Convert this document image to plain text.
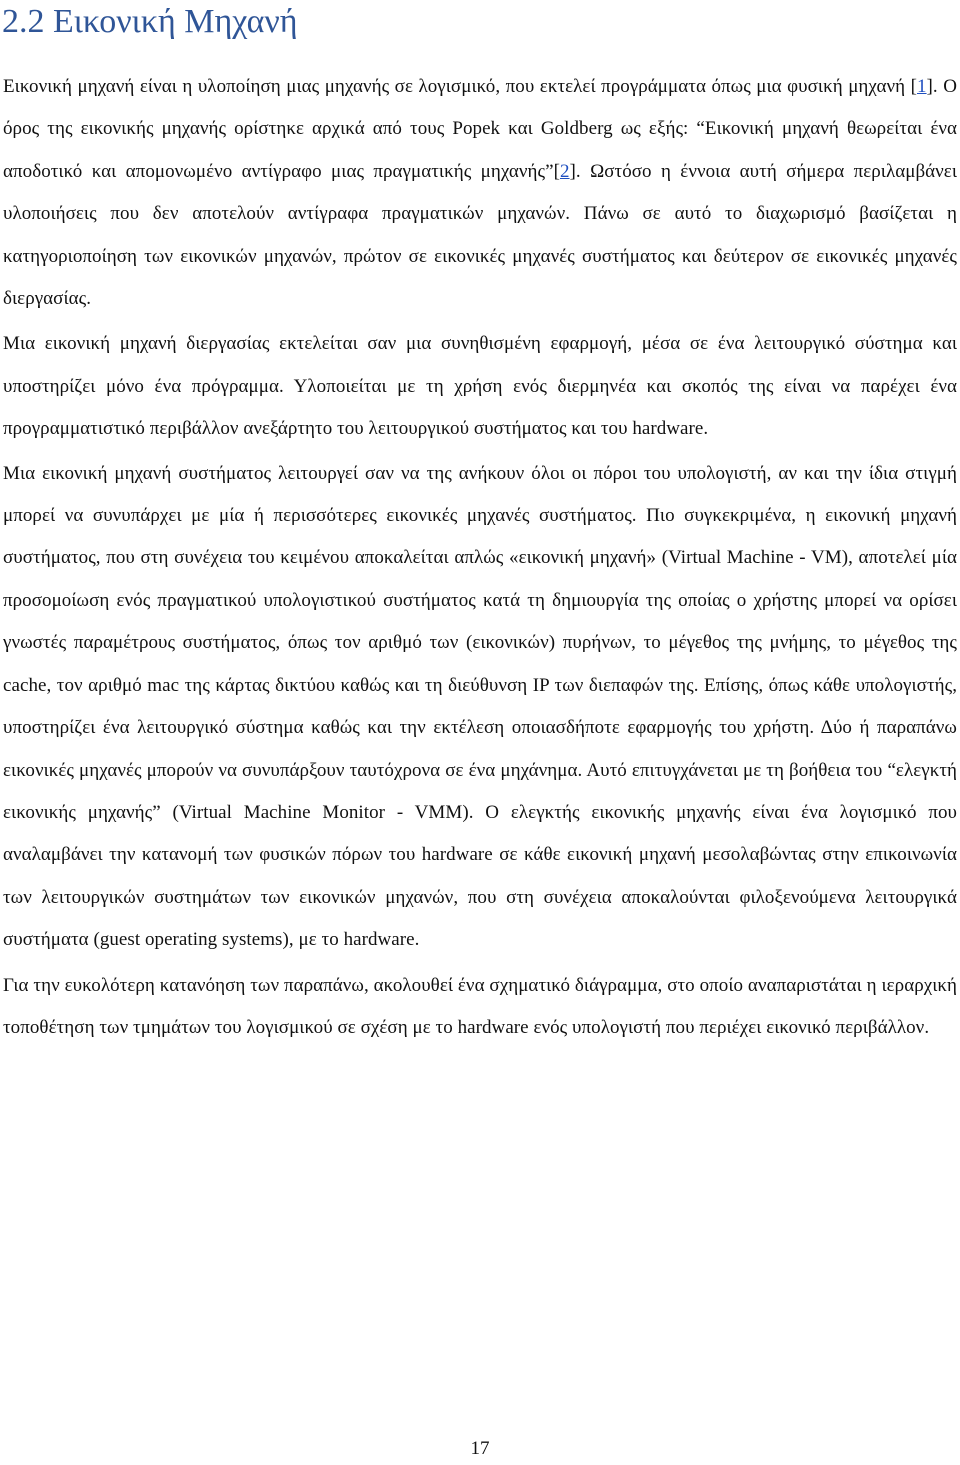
2.2 Εικονική Μηχανή

Εικονική μηχανή είναι η υλοποίηση μιας μηχανής σε λογισμικό, που εκτελεί προγράμματα όπως μια φυσική μηχανή [1]. Ο όρος της εικονικής μηχανής ορίστηκε αρχικά από τους Popek και Goldberg ως εξής: “Εικονική μηχανή θεωρείται ένα αποδοτικό και απομονωμένο αντίγραφο μιας πραγματικής μηχανής”[2]. Ωστόσο η έννοια αυτή σήμερα περιλαμβάνει υλοποιήσεις που δεν αποτελούν αντίγραφα πραγματικών μηχανών. Πάνω σε αυτό το διαχωρισμό βασίζεται η κατηγοριοποίηση των εικονικών μηχανών, πρώτον σε εικονικές μηχανές συστήματος και δεύτερον σε εικονικές μηχανές διεργασίας.

Μια εικονική μηχανή διεργασίας εκτελείται σαν μια συνηθισμένη εφαρμογή, μέσα σε ένα λειτουργικό σύστημα και υποστηρίζει μόνο ένα πρόγραμμα. Υλοποιείται με τη χρήση ενός διερμηνέα και σκοπός της είναι να παρέχει ένα προγραμματιστικό περιβάλλον ανεξάρτητο του λειτουργικού συστήματος και του hardware.

Μια εικονική μηχανή συστήματος λειτουργεί σαν να της ανήκουν όλοι οι πόροι του υπολογιστή, αν και την ίδια στιγμή μπορεί να συνυπάρχει με μία ή περισσότερες εικονικές μηχανές συστήματος. Πιο συγκεκριμένα, η εικονική μηχανή συστήματος, που στη συνέχεια του κειμένου αποκαλείται απλώς «εικονική μηχανή» (Virtual Machine - VM), αποτελεί μία προσομοίωση ενός πραγματικού υπολογιστικού συστήματος κατά τη δημιουργία της οποίας ο χρήστης μπορεί να ορίσει γνωστές παραμέτρους συστήματος, όπως τον αριθμό των (εικονικών) πυρήνων, το μέγεθος της μνήμης, το μέγεθος της cache, τον αριθμό mac της κάρτας δικτύου καθώς και τη διεύθυνση IP των διεπαφών της. Επίσης, όπως κάθε υπολογιστής, υποστηρίζει ένα λειτουργικό σύστημα καθώς και την εκτέλεση οποιασδήποτε εφαρμογής του χρήστη. Δύο ή παραπάνω εικονικές μηχανές μπορούν να συνυπάρξουν ταυτόχρονα σε ένα μηχάνημα. Αυτό επιτυγχάνεται με τη βοήθεια του “ελεγκτή εικονικής μηχανής” (Virtual Machine Monitor - VMM). Ο ελεγκτής εικονικής μηχανής είναι ένα λογισμικό που αναλαμβάνει την κατανομή των φυσικών πόρων του hardware σε κάθε εικονική μηχανή μεσολαβώντας στην επικοινωνία των λειτουργικών συστημάτων των εικονικών μηχανών, που στη συνέχεια αποκαλούνται φιλοξενούμενα λειτουργικά συστήματα (guest operating systems), με το hardware.

Για την ευκολότερη κατανόηση των παραπάνω, ακολουθεί ένα σχηματικό διάγραμμα, στο οποίο αναπαριστάται η ιεραρχική τοποθέτηση των τμημάτων του λογισμικού σε σχέση με το hardware ενός υπολογιστή που περιέχει εικονικό περιβάλλον.

17
